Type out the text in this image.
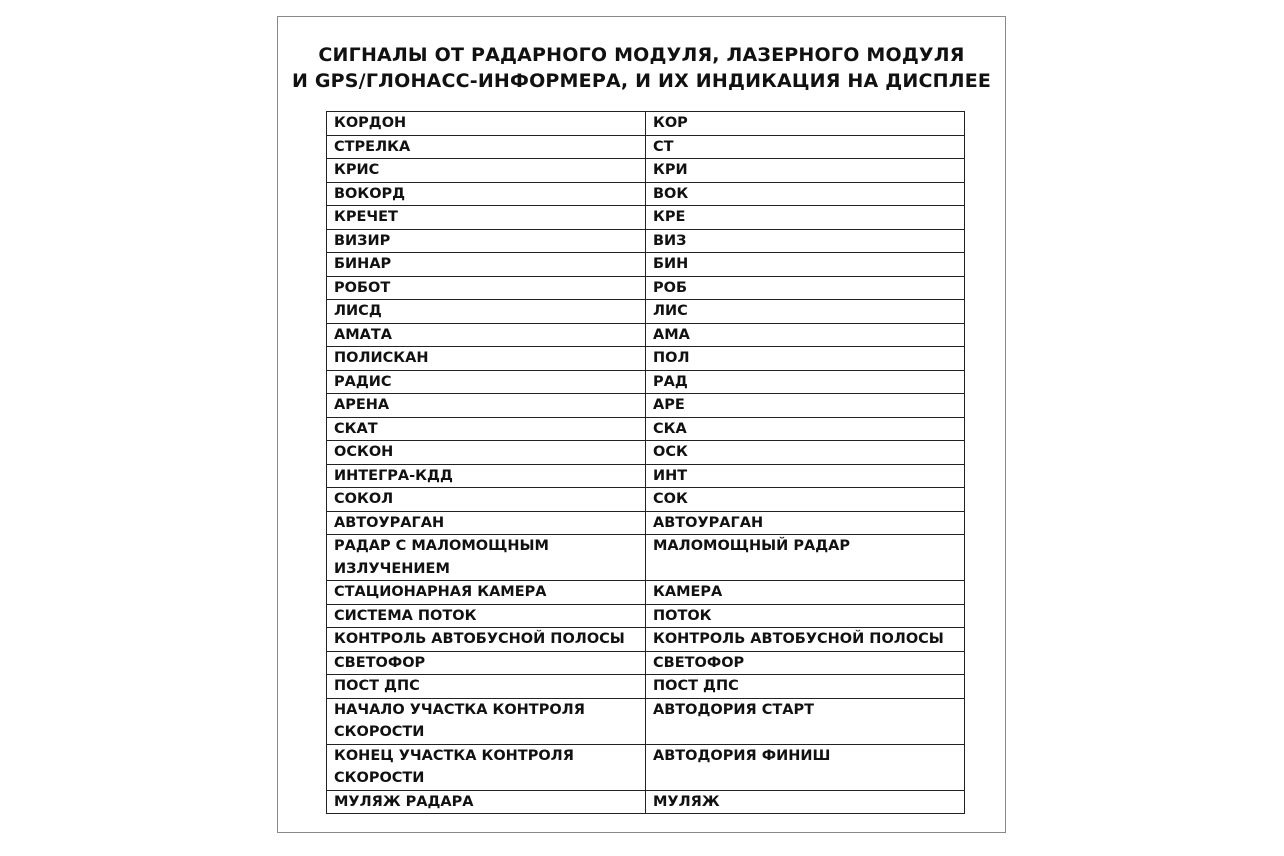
СИГНАЛЫ ОТ РАДАРНОГО МОДУЛЯ, ЛАЗЕРНОГО МОДУЛЯ
И GPS/ГЛОНАСС-ИНФОРМЕРА, И ИХ ИНДИКАЦИЯ НА ДИСПЛЕЕ
КОРДОН	КОР
СТРЕЛКА	СТ
КРИС	КРИ
ВОКОРД	ВОК
КРЕЧЕТ	КРЕ
ВИЗИР	ВИЗ
БИНАР	БИН
РОБОТ	РОБ
ЛИСД	ЛИС
АМАТА	АМА
ПОЛИСКАН	ПОЛ
РАДИС	РАД
АРЕНА	АРЕ
СКАТ	СКА
ОСКОН	ОСК
ИНТЕГРА-КДД	ИНТ
СОКОЛ	СОК
АВТОУРАГАН	АВТОУРАГАН
РАДАР С МАЛОМОЩНЫМ ИЗЛУЧЕНИЕМ	МАЛОМОЩНЫЙ РАДАР
СТАЦИОНАРНАЯ КАМЕРА	КАМЕРА
СИСТЕМА ПОТОК	ПОТОК
КОНТРОЛЬ АВТОБУСНОЙ ПОЛОСЫ	КОНТРОЛЬ АВТОБУСНОЙ ПОЛОСЫ
СВЕТОФОР	СВЕТОФОР
ПОСТ ДПС	ПОСТ ДПС
НАЧАЛО УЧАСТКА КОНТРОЛЯ СКОРОСТИ	АВТОДОРИЯ СТАРТ
КОНЕЦ УЧАСТКА КОНТРОЛЯ СКОРОСТИ	АВТОДОРИЯ ФИНИШ
МУЛЯЖ РАДАРА	МУЛЯЖ
